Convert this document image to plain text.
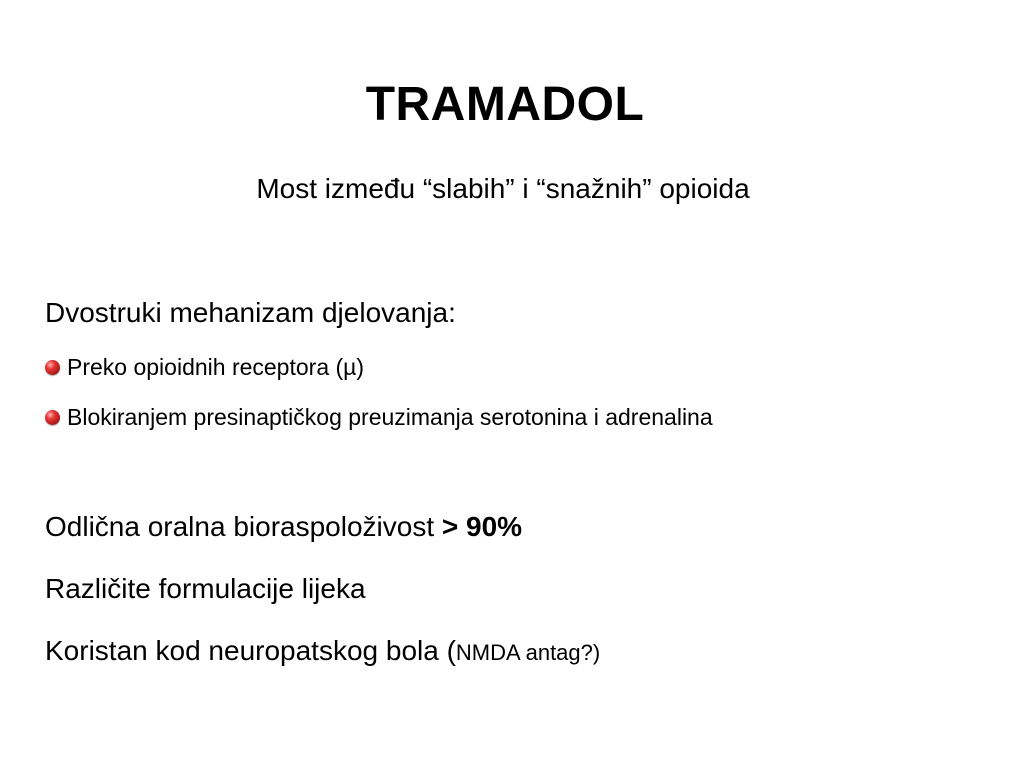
TRAMADOL
Most između “slabih” i “snažnih” opioida
Dvostruki mehanizam djelovanja:
Preko opioidnih receptora (µ)
Blokiranjem presinaptičkog preuzimanja serotonina i adrenalina
Odlična oralna bioraspoloživost > 90%
Različite formulacije lijeka
Koristan kod neuropatskog bola (NMDA antag?)
